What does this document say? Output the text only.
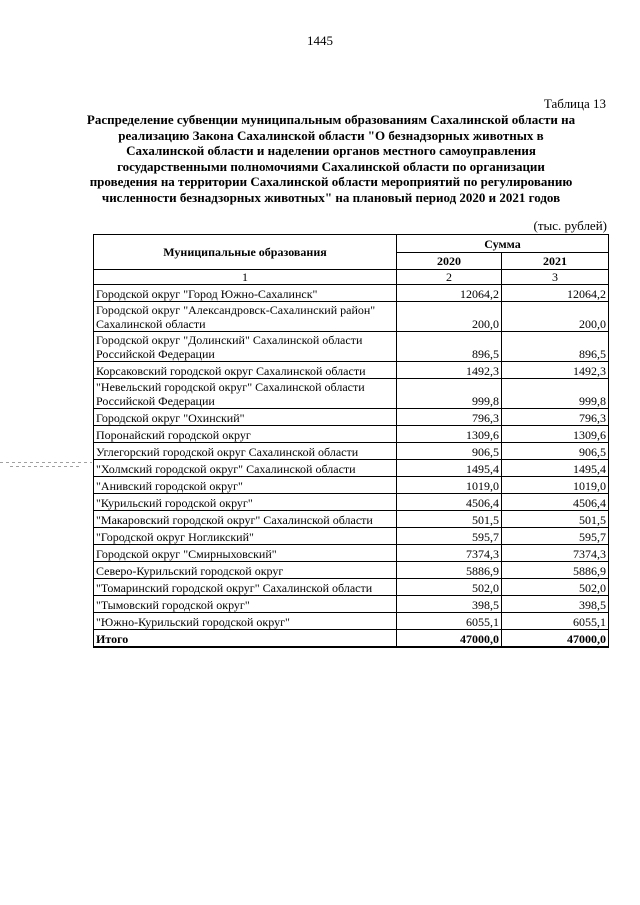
1445
Таблица 13
Распределение субвенции муниципальным образованиям Сахалинской области на реализацию Закона Сахалинской области "О безнадзорных животных в Сахалинской области и наделении органов местного самоуправления государственными полномочиями Сахалинской области по организации проведения на территории Сахалинской области мероприятий по регулированию численности безнадзорных животных" на плановый период 2020 и 2021 годов
(тыс. рублей)
Муниципальные образования	Сумма	
	2020	2021
1	2	3
Городской округ "Город Южно-Сахалинск"	12064,2	12064,2
Городской округ "Александровск-Сахалинский район" Сахалинской области	200,0	200,0
Городской округ "Долинский" Сахалинской области Российской Федерации	896,5	896,5
Корсаковский городской округ Сахалинской области	1492,3	1492,3
"Невельский городской округ" Сахалинской области Российской Федерации	999,8	999,8
Городской округ "Охинский"	796,3	796,3
Поронайский городской округ	1309,6	1309,6
Углегорский городской округ Сахалинской области	906,5	906,5
"Холмский городской округ" Сахалинской области	1495,4	1495,4
"Анивский городской округ"	1019,0	1019,0
"Курильский городской округ"	4506,4	4506,4
"Макаровский городской округ" Сахалинской области	501,5	501,5
"Городской округ Ногликский"	595,7	595,7
Городской округ "Смирныховский"	7374,3	7374,3
Северо-Курильский городской округ	5886,9	5886,9
"Томаринский городской округ" Сахалинской области	502,0	502,0
"Тымовский городской округ"	398,5	398,5
"Южно-Курильский городской округ"	6055,1	6055,1
Итого	47000,0	47000,0
